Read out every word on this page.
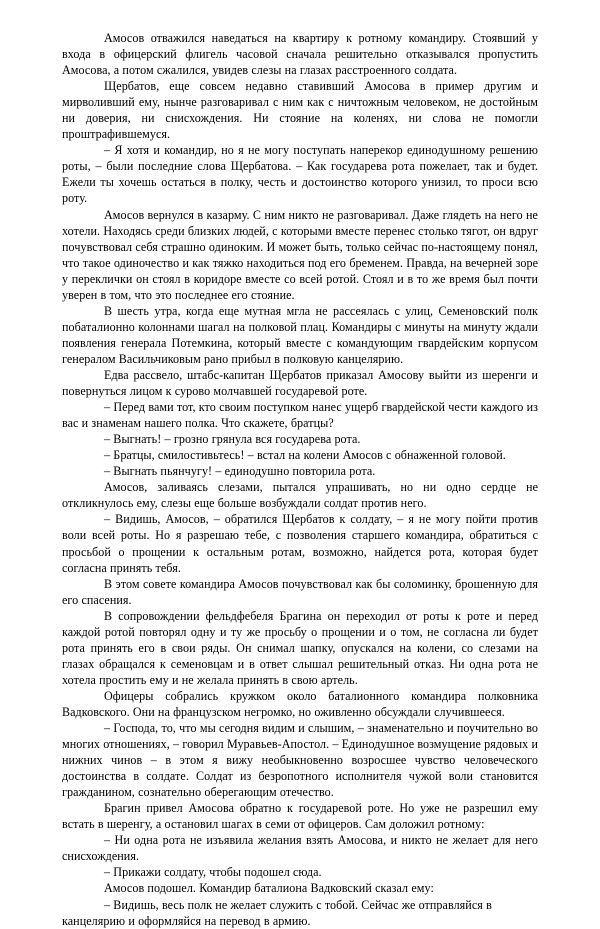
Амосов отважился наведаться на квартиру к ротному командиру. Стоявший у входа в офицерский флигель часовой сначала решительно отказывался пропустить Амосова, а потом сжалился, увидев слезы на глазах расстроенного солдата.

Щербатов, еще совсем недавно ставивший Амосова в пример другим и мирволивший ему, нынче разговаривал с ним как с ничтожным человеком, не достойным ни доверия, ни снисхождения. Ни стояние на коленях, ни слова не помогли проштрафившемуся.

– Я хотя и командир, но я не могу поступать наперекор единодушному решению роты, – были последние слова Щербатова. – Как государева рота пожелает, так и будет. Ежели ты хочешь остаться в полку, честь и достоинство которого унизил, то проси всю роту.

Амосов вернулся в казарму. С ним никто не разговаривал. Даже глядеть на него не хотели. Находясь среди близких людей, с которыми вместе перенес столько тягот, он вдруг почувствовал себя страшно одиноким. И может быть, только сейчас по-настоящему понял, что такое одиночество и как тяжко находиться под его бременем. Правда, на вечерней зоре у переклички он стоял в коридоре вместе со всей ротой. Стоял и в то же время был почти уверен в том, что это последнее его стояние.

В шесть утра, когда еще мутная мгла не рассеялась с улиц, Семеновский полк побаталионно колоннами шагал на полковой плац. Командиры с минуты на минуту ждали появления генерала Потемкина, который вместе с командующим гвардейским корпусом генералом Васильчиковым рано прибыл в полковую канцелярию.

Едва рассвело, штабс-капитан Щербатов приказал Амосову выйти из шеренги и повернуться лицом к сурово молчавшей государевой роте.

– Перед вами тот, кто своим поступком нанес ущерб гвардейской чести каждого из вас и знаменам нашего полка. Что скажете, братцы?

– Выгнать! – грозно грянула вся государева рота.

– Братцы, смилостивьтесь! – встал на колени Амосов с обнаженной головой.

– Выгнать пьянчугу! – единодушно повторила рота.

Амосов, заливаясь слезами, пытался упрашивать, но ни одно сердце не откликнулось ему, слезы еще больше возбуждали солдат против него.

– Видишь, Амосов, – обратился Щербатов к солдату, – я не могу пойти против воли всей роты. Но я разрешаю тебе, с позволения старшего командира, обратиться с просьбой о прощении к остальным ротам, возможно, найдется рота, которая будет согласна принять тебя.

В этом совете командира Амосов почувствовал как бы соломинку, брошенную для его спасения.

В сопровождении фельдфебеля Брагина он переходил от роты к роте и перед каждой ротой повторял одну и ту же просьбу о прощении и о том, не согласна ли будет рота принять его в свои ряды. Он снимал шапку, опускался на колени, со слезами на глазах обращался к семеновцам и в ответ слышал решительный отказ. Ни одна рота не хотела простить ему и не желала принять в свою артель.

Офицеры собрались кружком около баталионного командира полковника Вадковского. Они на французском негромко, но оживленно обсуждали случившееся.

– Господа, то, что мы сегодня видим и слышим, – знаменательно и поучительно во многих отношениях, – говорил Муравьев-Апостол. – Единодушное возмущение рядовых и нижних чинов – в этом я вижу необыкновенно возросшее чувство человеческого достоинства в солдате. Солдат из безропотного исполнителя чужой воли становится гражданином, сознательно оберегающим отечество.

Брагин привел Амосова обратно к государевой роте. Но уже не разрешил ему встать в шеренгу, а остановил шагах в семи от офицеров. Сам доложил ротному:

– Ни одна рота не изъявила желания взять Амосова, и никто не желает для него снисхождения.

– Прикажи солдату, чтобы подошел сюда.

Амосов подошел. Командир баталиона Вадковский сказал ему:

– Видишь, весь полк не желает служить с тобой. Сейчас же отправляйся в канцелярию и оформляйся на перевод в армию.
